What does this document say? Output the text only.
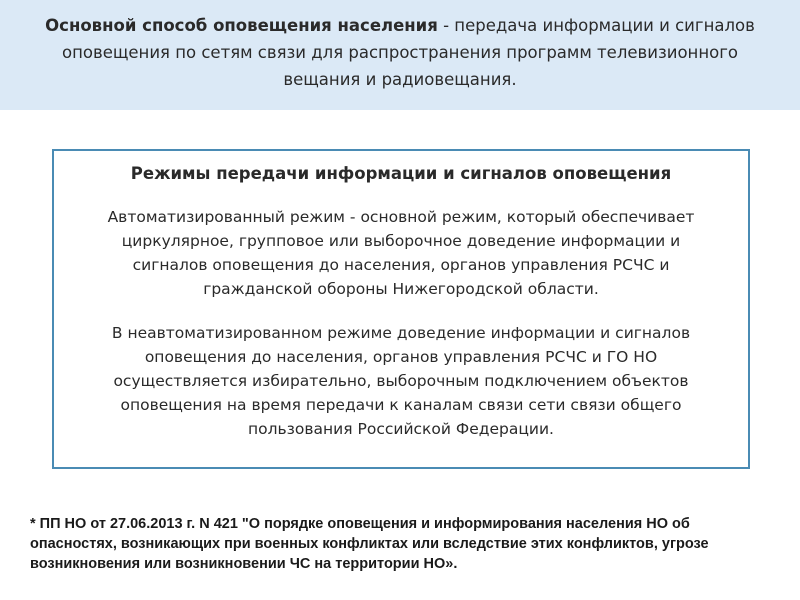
Основной способ оповещения населения - передача информации и сигналов оповещения по сетям связи для распространения программ телевизионного вещания и радиовещания.
Режимы передачи информации и сигналов оповещения

Автоматизированный режим - основной режим, который обеспечивает циркулярное, групповое или выборочное доведение информации и сигналов оповещения до населения, органов управления РСЧС и гражданской обороны Нижегородской области.

В неавтоматизированном режиме доведение информации и сигналов оповещения до населения, органов управления РСЧС и ГО НО осуществляется избирательно, выборочным подключением объектов оповещения на время передачи к каналам связи сети связи общего пользования Российской Федерации.

* ПП НО от 27.06.2013 г. N 421 "О порядке оповещения и информирования населения НО об опасностях, возникающих при военных конфликтах или вследствие этих конфликтов, угрозе возникновения или возникновении ЧС на территории НО».
